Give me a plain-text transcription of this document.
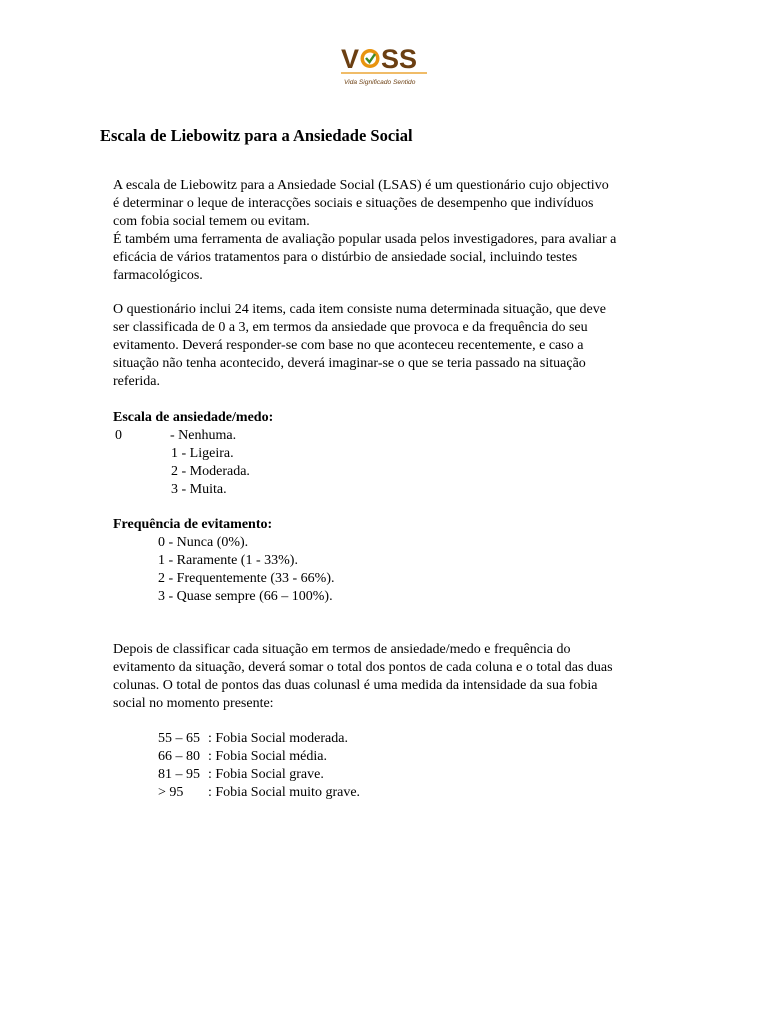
V SS
Vida Significado Sentido
Escala de Liebowitz para a Ansiedade Social
A escala de Liebowitz para a Ansiedade Social (LSAS) é um questionário cujo objectivo
é determinar o leque de interacções sociais e situações de desempenho que indivíduos
com fobia social temem ou evitam.
É também uma ferramenta de avaliação popular usada pelos investigadores, para avaliar a
eficácia de vários tratamentos para o distúrbio de ansiedade social, incluindo testes
farmacológicos.
O questionário inclui 24 items, cada item consiste numa determinada situação, que deve
ser classificada de 0 a 3, em termos da ansiedade que provoca e da frequência do seu
evitamento. Deverá responder-se com base no que aconteceu recentemente, e caso a
situação não tenha acontecido, deverá imaginar-se o que se teria passado na situação
referida.
Escala de ansiedade/medo:
0	- Nenhuma.
1 - Ligeira.
2 - Moderada.
3 - Muita.
Frequência de evitamento:
0 - Nunca (0%).
1 - Raramente (1 - 33%).
2 - Frequentemente (33 - 66%).
3 - Quase sempre (66 – 100%).
Depois de classificar cada situação em termos de ansiedade/medo e frequência do
evitamento da situação, deverá somar o total dos pontos de cada coluna e o total das duas
colunas. O total de pontos das duas colunasl é uma medida da intensidade da sua fobia
social no momento presente:
55 – 65 : Fobia Social moderada.
66 – 80 : Fobia Social média.
81 – 95 : Fobia Social grave.
> 95 : Fobia Social muito grave.
